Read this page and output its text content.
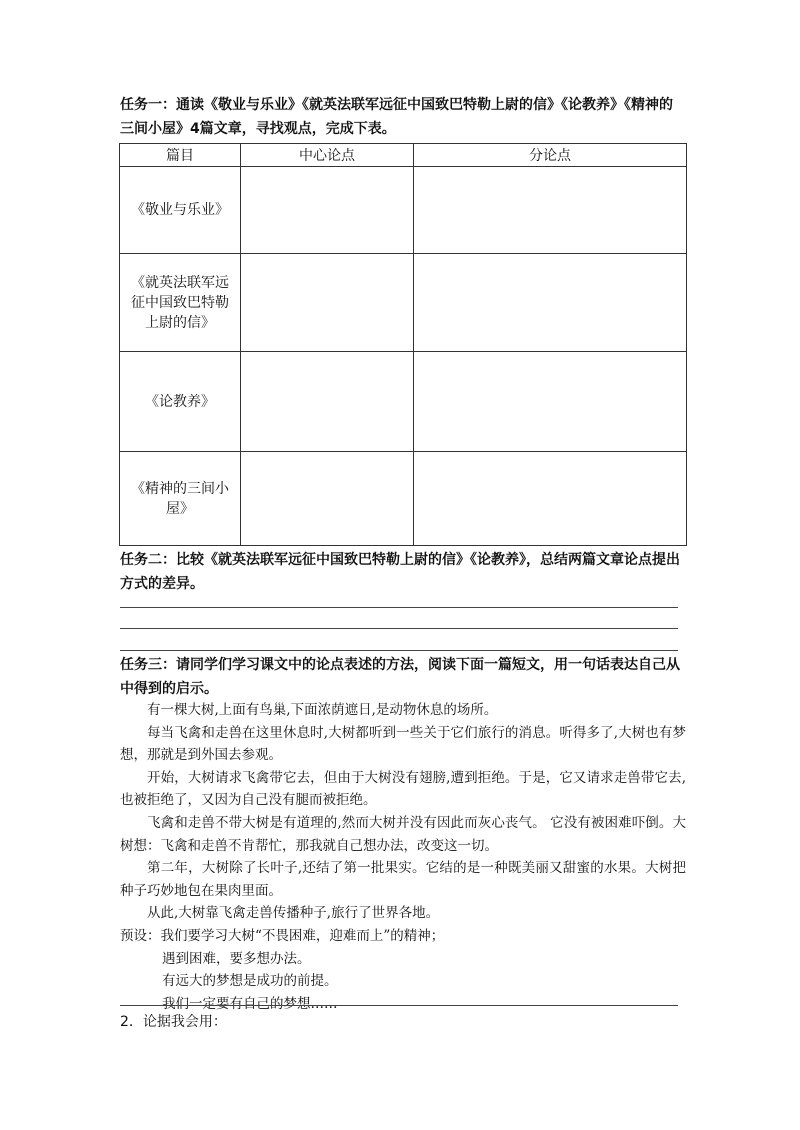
任务一：通读《敬业与乐业》《就英法联军远征中国致巴特勒上尉的信》《论教养》《精神的三间小屋》4篇文章，寻找观点，完成下表。

篇目	中心论点	分论点
《敬业与乐业》		
《就英法联军远征中国致巴特勒上尉的信》		
《论教养》		
《精神的三间小屋》		

任务二：比较《就英法联军远征中国致巴特勒上尉的信》《论教养》，总结两篇文章论点提出方式的差异。

任务三：请同学们学习课文中的论点表述的方法，阅读下面一篇短文，用一句话表达自己从中得到的启示。

有一棵大树,上面有鸟巢,下面浓荫遮日,是动物休息的场所。

每当飞禽和走兽在这里休息时,大树都听到一些关于它们旅行的消息。听得多了,大树也有梦想，那就是到外国去参观。

开始，大树请求飞禽带它去，但由于大树没有翅膀,遭到拒绝。于是，它又请求走兽带它去,也被拒绝了，又因为自己没有腿而被拒绝。

飞禽和走兽不带大树是有道理的,然而大树并没有因此而灰心丧气。 它没有被困难吓倒。大树想：飞禽和走兽不肯帮忙，那我就自己想办法，改变这一切。

第二年，大树除了长叶子,还结了第一批果实。它结的是一种既美丽又甜蜜的水果。大树把种子巧妙地包在果肉里面。

从此,大树靠飞禽走兽传播种子,旅行了世界各地。

预设：我们要学习大树“不畏困难，迎难而上”的精神；

遇到困难，要多想办法。

有远大的梦想是成功的前提。

我们一定要有自己的梦想……

2．论据我会用：
